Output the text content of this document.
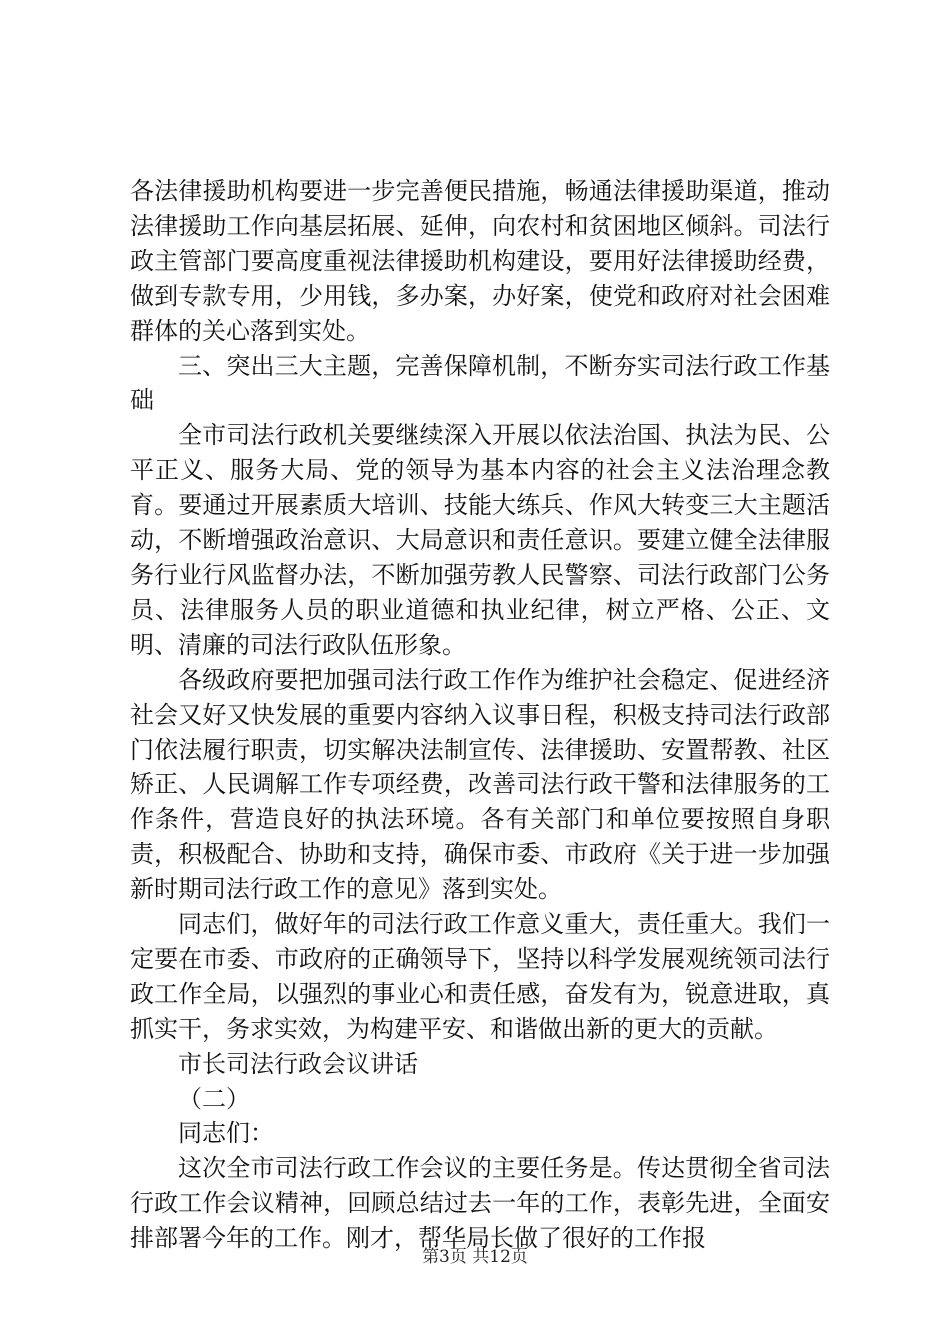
各法律援助机构要进一步完善便民措施，畅通法律援助渠道，推动法律援助工作向基层拓展、延伸，向农村和贫困地区倾斜。司法行政主管部门要高度重视法律援助机构建设，要用好法律援助经费，做到专款专用，少用钱，多办案，办好案，使党和政府对社会困难群体的关心落到实处。

三、突出三大主题，完善保障机制，不断夯实司法行政工作基础

全市司法行政机关要继续深入开展以依法治国、执法为民、公平正义、服务大局、党的领导为基本内容的社会主义法治理念教育。要通过开展素质大培训、技能大练兵、作风大转变三大主题活动，不断增强政治意识、大局意识和责任意识。要建立健全法律服务行业行风监督办法，不断加强劳教人民警察、司法行政部门公务员、法律服务人员的职业道德和执业纪律，树立严格、公正、文明、清廉的司法行政队伍形象。

各级政府要把加强司法行政工作作为维护社会稳定、促进经济社会又好又快发展的重要内容纳入议事日程，积极支持司法行政部门依法履行职责，切实解决法制宣传、法律援助、安置帮教、社区矫正、人民调解工作专项经费，改善司法行政干警和法律服务的工作条件，营造良好的执法环境。各有关部门和单位要按照自身职责，积极配合、协助和支持，确保市委、市政府《关于进一步加强新时期司法行政工作的意见》落到实处。

同志们，做好年的司法行政工作意义重大，责任重大。我们一定要在市委、市政府的正确领导下，坚持以科学发展观统领司法行政工作全局，以强烈的事业心和责任感，奋发有为，锐意进取，真抓实干，务求实效，为构建平安、和谐做出新的更大的贡献。

市长司法行政会议讲话

（二）

同志们：

这次全市司法行政工作会议的主要任务是。传达贯彻全省司法行政工作会议精神，回顾总结过去一年的工作，表彰先进，全面安排部署今年的工作。刚才，帮华局长做了很好的工作报

第3页 共12页
